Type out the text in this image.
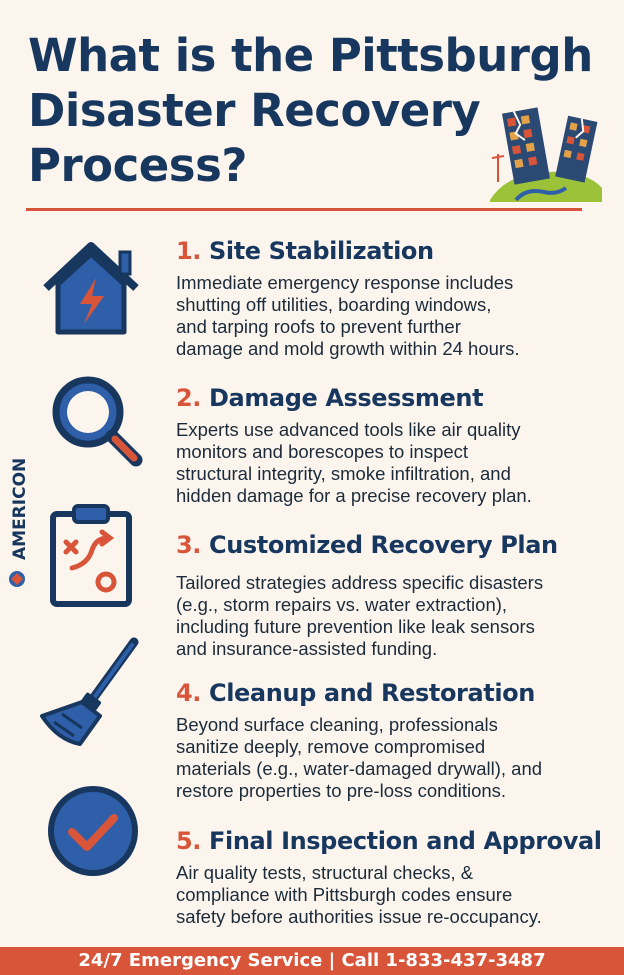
What is the Pittsburgh
Disaster Recovery
Process?
AMERICON
1. Site Stabilization
Immediate emergency response includes
shutting off utilities, boarding windows,
and tarping roofs to prevent further
damage and mold growth within 24 hours.
2. Damage Assessment
Experts use advanced tools like air quality
monitors and borescopes to inspect
structural integrity, smoke infiltration, and
hidden damage for a precise recovery plan.
3. Customized Recovery Plan
Tailored strategies address specific disasters
(e.g., storm repairs vs. water extraction),
including future prevention like leak sensors
and insurance-assisted funding.
4. Cleanup and Restoration
Beyond surface cleaning, professionals
sanitize deeply, remove compromised
materials (e.g., water-damaged drywall), and
restore properties to pre-loss conditions.
5. Final Inspection and Approval
Air quality tests, structural checks, &
compliance with Pittsburgh codes ensure
safety before authorities issue re-occupancy.
24/7 Emergency Service | Call 1-833-437-3487
